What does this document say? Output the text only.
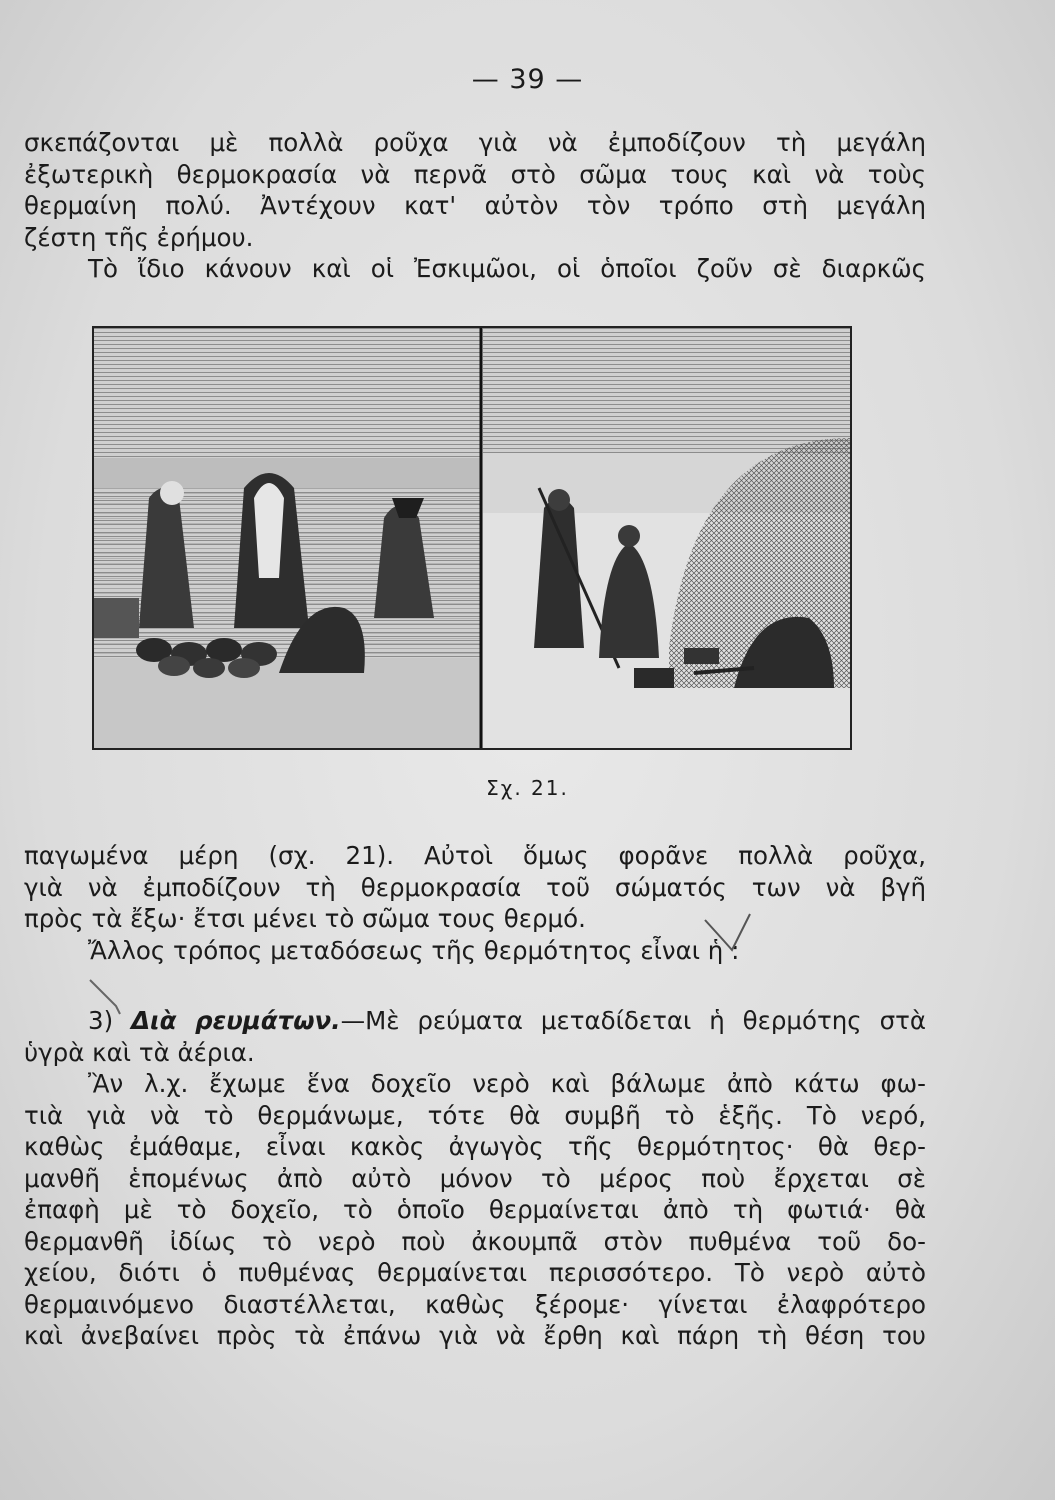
— 39 —
σκεπάζονται μὲ πολλὰ ροῦχα γιὰ νὰ ἐμποδίζουν τὴ μεγάλη
ἐξωτερικὴ θερμοκρασία νὰ περνᾶ στὸ σῶμα τους καὶ νὰ τοὺς
θερμαίνη πολύ. Ἀντέχουν κατ' αὐτὸν τὸν τρόπο στὴ μεγάλη
ζέστη τῆς ἐρήμου.
Τὸ ἴδιο κάνουν καὶ οἱ Ἐσκιμῶοι, οἱ ὁποῖοι ζοῦν σὲ διαρκῶς
Σχ. 21.
παγωμένα μέρη (σχ. 21). Αὐτοὶ ὅμως φορᾶνε πολλὰ ροῦχα,
γιὰ νὰ ἐμποδίζουν τὴ θερμοκρασία τοῦ σώματός των νὰ βγῆ
πρὸς τὰ ἔξω· ἔτσι μένει τὸ σῶμα τους θερμό.
Ἄλλος τρόπος μεταδόσεως τῆς θερμότητος εἶναι ἡ :
3) Διὰ ρευμάτων.—Μὲ ρεύματα μεταδίδεται ἡ θερμότης στὰ
ὑγρὰ καὶ τὰ ἀέρια.
Ἂν λ.χ. ἔχωμε ἕνα δοχεῖο νερὸ καὶ βάλωμε ἀπὸ κάτω φω-
τιὰ γιὰ νὰ τὸ θερμάνωμε, τότε θὰ συμβῆ τὸ ἑξῆς. Τὸ νερό,
καθὼς ἐμάθαμε, εἶναι κακὸς ἀγωγὸς τῆς θερμότητος· θὰ θερ-
μανθῆ ἑπομένως ἀπὸ αὐτὸ μόνον τὸ μέρος ποὺ ἔρχεται σὲ
ἐπαφὴ μὲ τὸ δοχεῖο, τὸ ὁποῖο θερμαίνεται ἀπὸ τὴ φωτιά· θὰ
θερμανθῆ ἰδίως τὸ νερὸ ποὺ ἀκουμπᾶ στὸν πυθμένα τοῦ δο-
χείου, διότι ὁ πυθμένας θερμαίνεται περισσότερο. Τὸ νερὸ αὐτὸ
θερμαινόμενο διαστέλλεται, καθὼς ξέρομε· γίνεται ἐλαφρότερο
καὶ ἀνεβαίνει πρὸς τὰ ἐπάνω γιὰ νὰ ἔρθη καὶ πάρη τὴ θέση του
